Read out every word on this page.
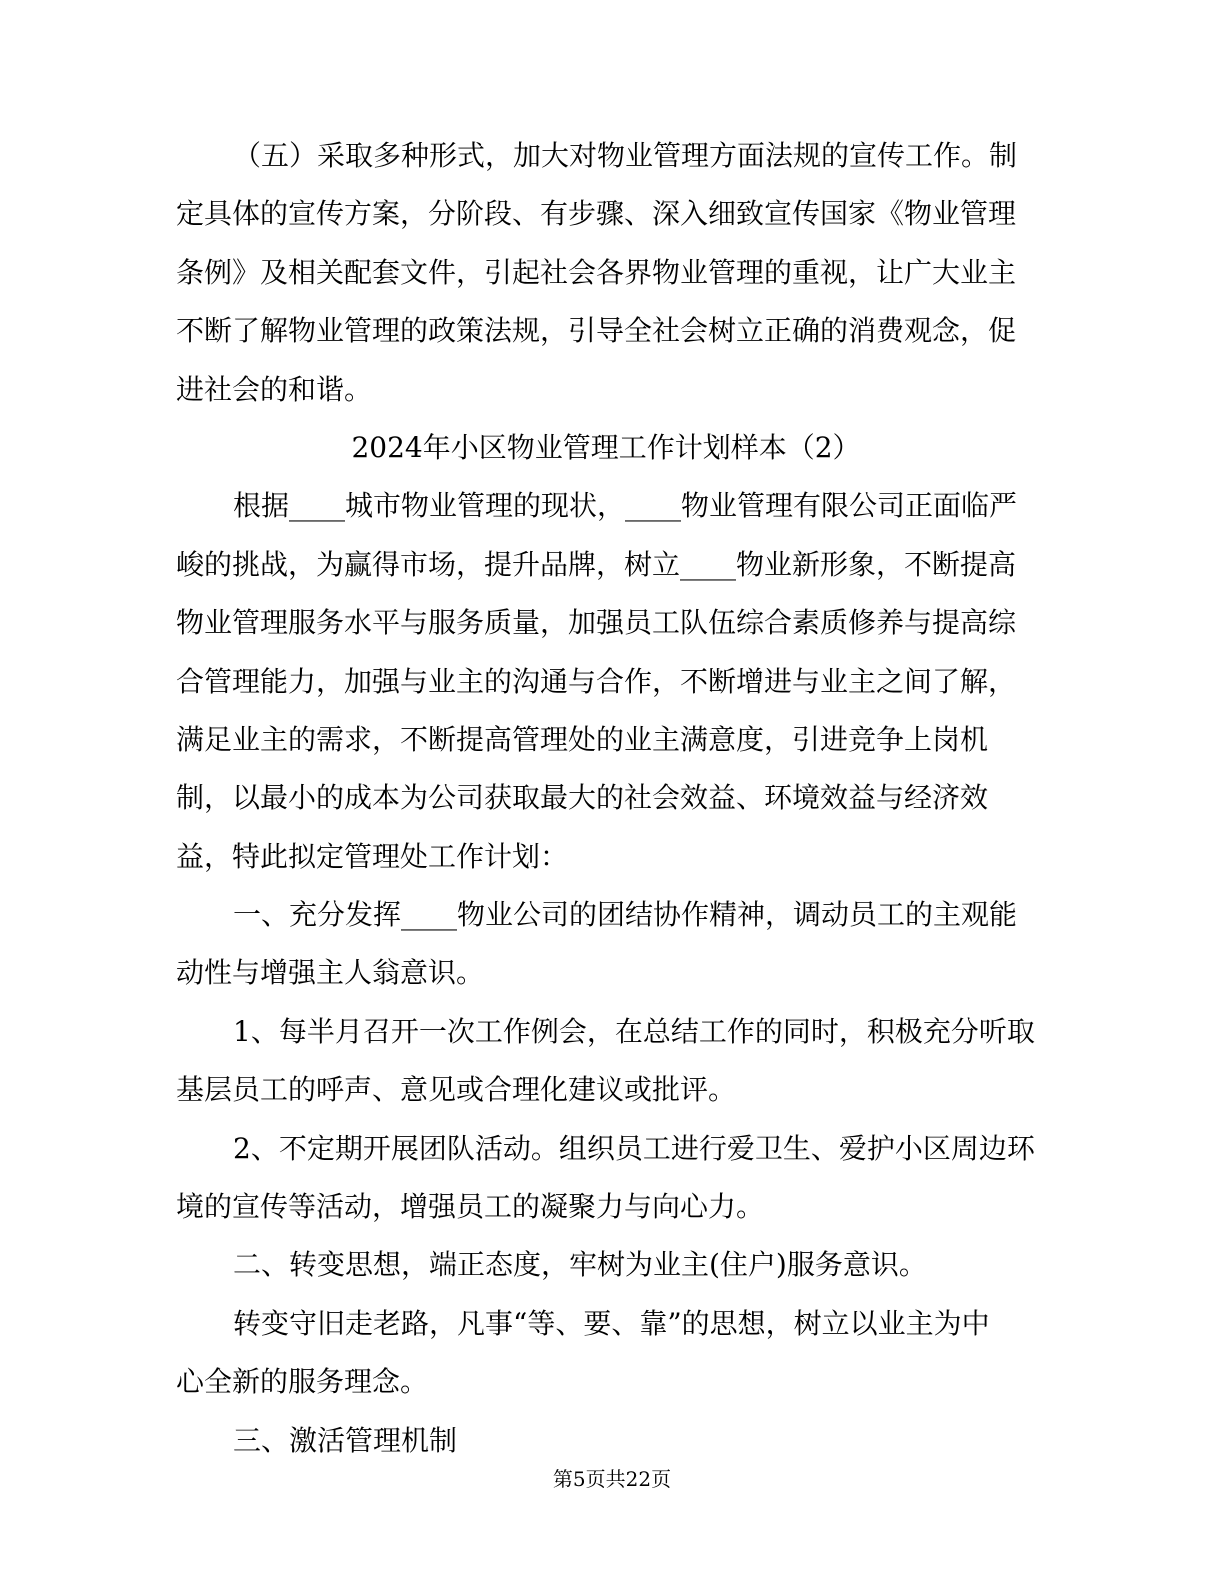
（五）采取多种形式，加大对物业管理方面法规的宣传工作。制
定具体的宣传方案，分阶段、有步骤、深入细致宣传国家《物业管理
条例》及相关配套文件，引起社会各界物业管理的重视，让广大业主
不断了解物业管理的政策法规，引导全社会树立正确的消费观念，促
进社会的和谐。
2024年小区物业管理工作计划样本（2）
根据____城市物业管理的现状，____物业管理有限公司正面临严
峻的挑战，为赢得市场，提升品牌，树立____物业新形象，不断提高
物业管理服务水平与服务质量，加强员工队伍综合素质修养与提高综
合管理能力，加强与业主的沟通与合作，不断增进与业主之间了解，
满足业主的需求，不断提高管理处的业主满意度，引进竞争上岗机
制，以最小的成本为公司获取最大的社会效益、环境效益与经济效
益，特此拟定管理处工作计划：
一、充分发挥____物业公司的团结协作精神，调动员工的主观能
动性与增强主人翁意识。
1、每半月召开一次工作例会，在总结工作的同时，积极充分听取
基层员工的呼声、意见或合理化建议或批评。
2、不定期开展团队活动。组织员工进行爱卫生、爱护小区周边环
境的宣传等活动，增强员工的凝聚力与向心力。
二、转变思想，端正态度，牢树为业主(住户)服务意识。
转变守旧走老路，凡事“等、要、靠”的思想，树立以业主为中
心全新的服务理念。
三、激活管理机制
第5页共22页
